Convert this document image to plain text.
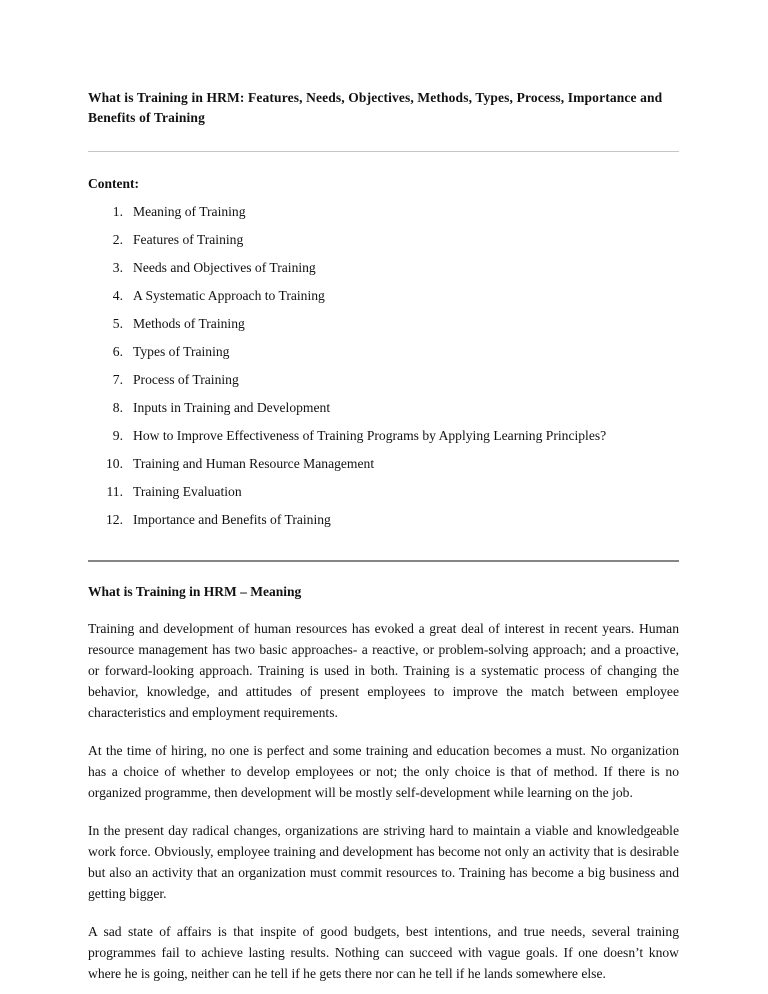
What is Training in HRM: Features, Needs, Objectives, Methods, Types, Process, Importance and Benefits of Training
Content:
1. Meaning of Training
2. Features of Training
3. Needs and Objectives of Training
4. A Systematic Approach to Training
5. Methods of Training
6. Types of Training
7. Process of Training
8. Inputs in Training and Development
9. How to Improve Effectiveness of Training Programs by Applying Learning Principles?
10. Training and Human Resource Management
11. Training Evaluation
12. Importance and Benefits of Training
What is Training in HRM – Meaning

Training and development of human resources has evoked a great deal of interest in recent years. Human resource management has two basic approaches- a reactive, or problem-solving approach; and a proactive, or forward-looking approach. Training is used in both. Training is a systematic process of changing the behavior, knowledge, and attitudes of present employees to improve the match between employee characteristics and employment requirements.

At the time of hiring, no one is perfect and some training and education becomes a must. No organization has a choice of whether to develop employees or not; the only choice is that of method. If there is no organized programme, then development will be mostly self-development while learning on the job.

In the present day radical changes, organizations are striving hard to maintain a viable and knowledgeable work force. Obviously, employee training and development has become not only an activity that is desirable but also an activity that an organization must commit resources to. Training has become a big business and getting bigger.

A sad state of affairs is that inspite of good budgets, best intentions, and true needs, several training programmes fail to achieve lasting results. Nothing can succeed with vague goals. If one doesn’t know where he is going, neither can he tell if he gets there nor can he tell if he lands somewhere else.
